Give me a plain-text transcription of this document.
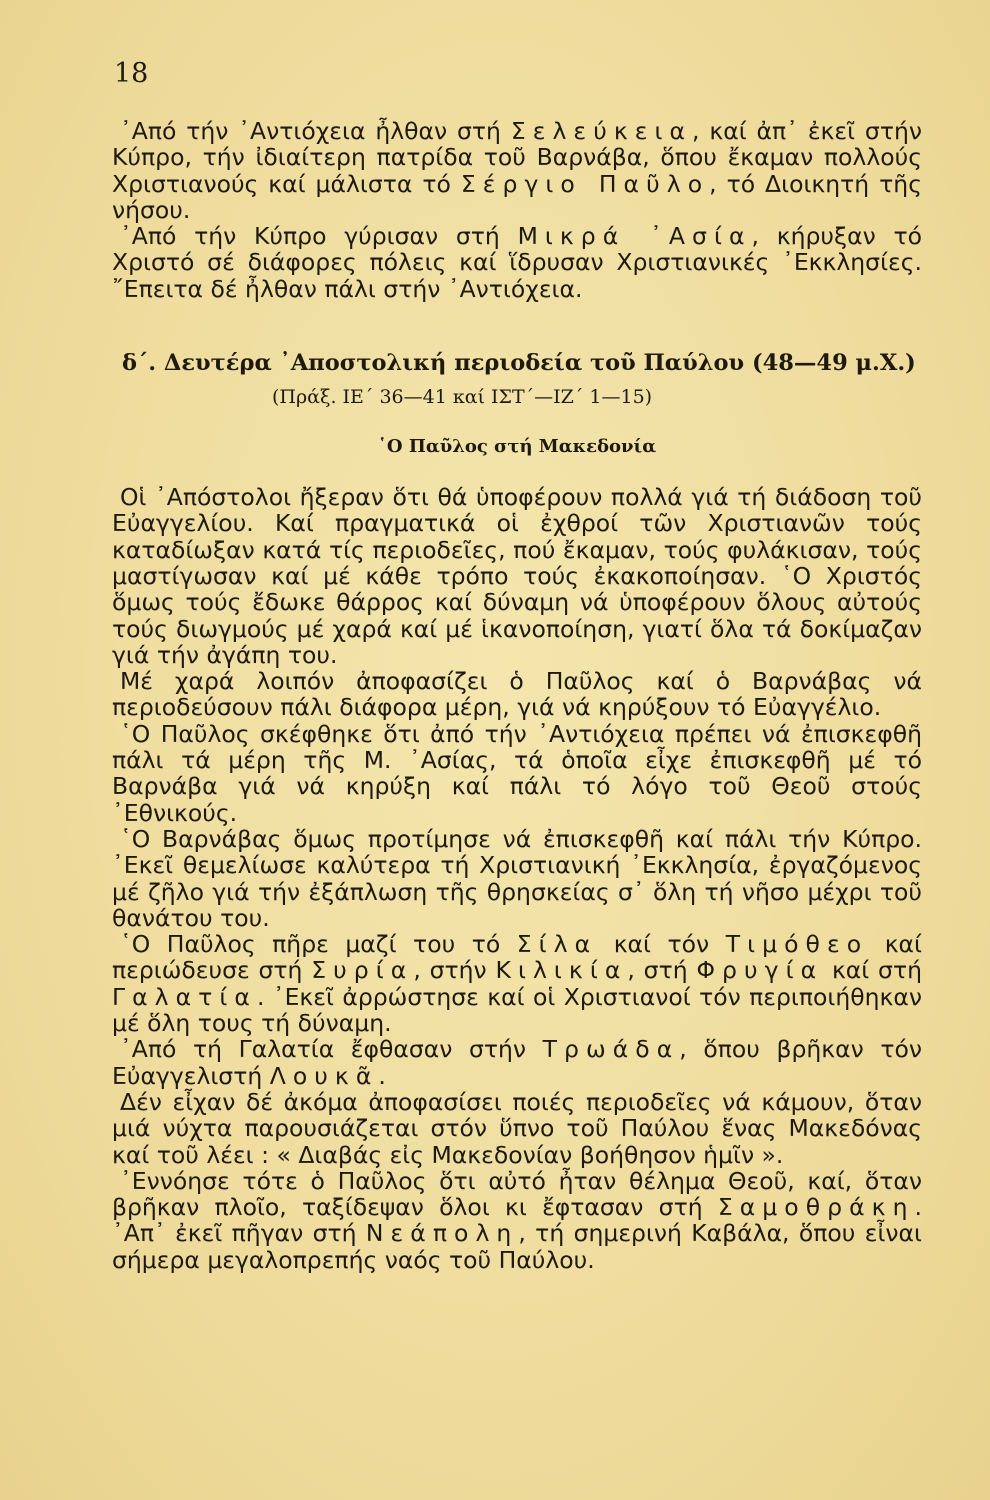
18

᾿Από τήν ᾿Αντιόχεια ἦλθαν στή Σελεύκεια, καί ἀπ᾿ ἐκεῖ στήν Κύπρο, τήν ἰδιαίτερη πατρίδα τοῦ Βαρνάβα, ὅπου ἔκαμαν πολλούς Χριστιανούς καί μάλιστα τό Σέργιο Παῦλο, τό Διοικητή τῆς νήσου.

᾿Από τήν Κύπρο γύρισαν στή Μικρά ᾿Ασία, κήρυξαν τό Χριστό σέ διάφορες πόλεις καί ἵδρυσαν Χριστιανικές ᾿Εκκλησίες. ῎Επειτα δέ ἦλθαν πάλι στήν ᾿Αντιόχεια.

δ΄. Δευτέρα ᾿Αποστολική περιοδεία τοῦ Παύλου (48—49 μ.Χ.)

(Πράξ. ΙΕ΄ 36—41 καί ΙΣΤ΄—ΙΖ΄ 1—15)

῾Ο Παῦλος στή Μακεδονία

Οἱ ᾿Απόστολοι ἤξεραν ὅτι θά ὑποφέρουν πολλά γιά τή διάδοση τοῦ Εὐαγγελίου. Καί πραγματικά οἱ ἐχθροί τῶν Χριστιανῶν τούς καταδίωξαν κατά τίς περιοδεῖες, πού ἔκαμαν, τούς φυλάκισαν, τούς μαστίγωσαν καί μέ κάθε τρόπο τούς ἐκακοποίησαν. ῾Ο Χριστός ὅμως τούς ἔδωκε θάρρος καί δύναμη νά ὑποφέρουν ὅλους αὐτούς τούς διωγμούς μέ χαρά καί μέ ἱκανοποίηση, γιατί ὅλα τά δοκίμαζαν γιά τήν ἀγάπη του.

Μέ χαρά λοιπόν ἀποφασίζει ὁ Παῦλος καί ὁ Βαρνάβας νά περιοδεύσουν πάλι διάφορα μέρη, γιά νά κηρύξουν τό Εὐαγγέλιο.

῾Ο Παῦλος σκέφθηκε ὅτι ἀπό τήν ᾿Αντιόχεια πρέπει νά ἐπισκεφθῆ πάλι τά μέρη τῆς Μ. ᾿Ασίας, τά ὁποῖα εἶχε ἐπισκεφθῆ μέ τό Βαρνάβα γιά νά κηρύξη καί πάλι τό λόγο τοῦ Θεοῦ στούς ᾿Εθνικούς.

῾Ο Βαρνάβας ὅμως προτίμησε νά ἐπισκεφθῆ καί πάλι τήν Κύπρο. ᾿Εκεῖ θεμελίωσε καλύτερα τή Χριστιανική ᾿Εκκλησία, ἐργαζόμενος μέ ζῆλο γιά τήν ἐξάπλωση τῆς θρησκείας σ᾿ ὅλη τή νῆσο μέχρι τοῦ θανάτου του.

῾Ο Παῦλος πῆρε μαζί του τό Σίλα καί τόν Τιμόθεο καί περιώδευσε στή Συρία, στήν Κιλικία, στή Φρυγία καί στή Γαλατία. ᾿Εκεῖ ἀρρώστησε καί οἱ Χριστιανοί τόν περιποιήθηκαν μέ ὅλη τους τή δύναμη.

᾿Από τή Γαλατία ἔφθασαν στήν Τρωάδα, ὅπου βρῆκαν τόν Εὐαγγελιστή Λουκᾶ.

Δέν εἶχαν δέ ἀκόμα ἀποφασίσει ποιές περιοδεῖες νά κάμουν, ὅταν μιά νύχτα παρουσιάζεται στόν ὕπνο τοῦ Παύλου ἕνας Μακεδόνας καί τοῦ λέει : « Διαβάς εἰς Μακεδονίαν βοήθησον ἡμῖν ».

᾿Εννόησε τότε ὁ Παῦλος ὅτι αὐτό ἦταν θέλημα Θεοῦ, καί, ὅταν βρῆκαν πλοῖο, ταξίδεψαν ὅλοι κι ἔφτασαν στή Σαμοθράκη. ᾿Απ᾿ ἐκεῖ πῆγαν στή Νεάπολη, τή σημερινή Καβάλα, ὅπου εἶναι σήμερα μεγαλοπρεπής ναός τοῦ Παύλου.
